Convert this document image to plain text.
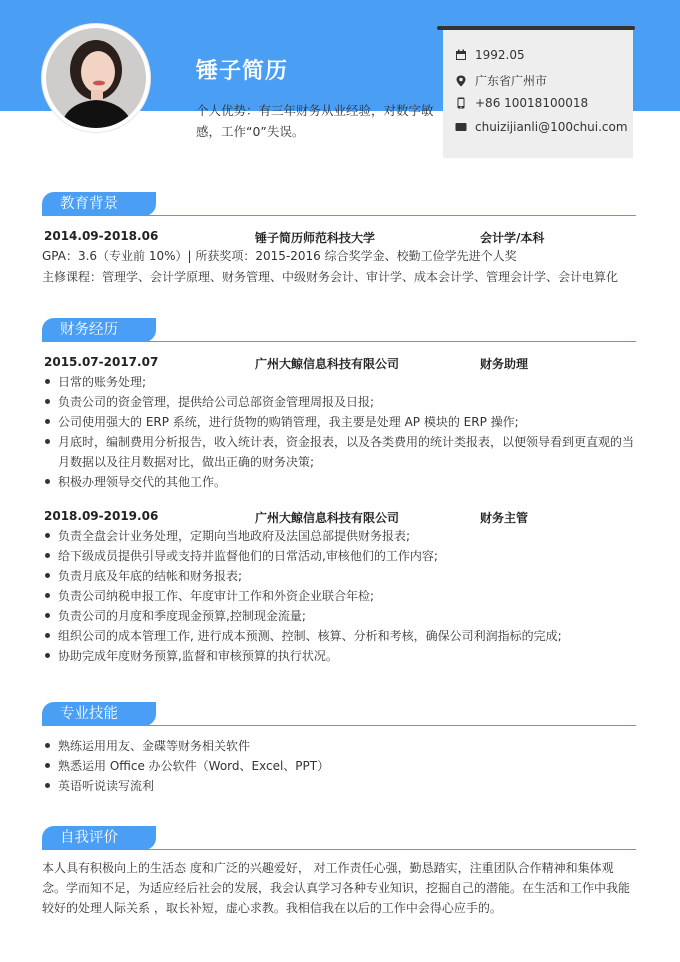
锤子简历
个人优势：有三年财务从业经验，对数字敏感，工作“0”失误。
1992.05
广东省广州市
+86 10018100018
chuizijianli@100chui.com
教育背景
2014.09-2018.06	锤子简历师范科技大学	会计学/本科
GPA：3.6（专业前 10%）| 所获奖项：2015-2016 综合奖学金、校勤工俭学先进个人奖
主修课程：管理学、会计学原理、财务管理、中级财务会计、审计学、成本会计学、管理会计学、会计电算化
财务经历
2015.07-2017.07	广州大鲸信息科技有限公司	财务助理
日常的账务处理;
负责公司的资金管理，提供给公司总部资金管理周报及日报;
公司使用强大的 ERP 系统，进行货物的购销管理，我主要是处理 AP 模块的 ERP 操作;
月底时，编制费用分析报告，收入统计表，资金报表，以及各类费用的统计类报表，以便领导看到更直观的当月数据以及往月数据对比，做出正确的财务决策;
积极办理领导交代的其他工作。
2018.09-2019.06	广州大鲸信息科技有限公司	财务主管
负责全盘会计业务处理，定期向当地政府及法国总部提供财务报表;
给下级成员提供引导或支持并监督他们的日常活动,审核他们的工作内容;
负责月底及年底的结帐和财务报表;
负责公司纳税申报工作、年度审计工作和外资企业联合年检;
负责公司的月度和季度现金预算,控制现金流量;
组织公司的成本管理工作, 进行成本预测、控制、核算、分析和考核，确保公司利润指标的完成;
协助完成年度财务预算,监督和审核预算的执行状况。
专业技能
熟练运用用友、金碟等财务相关软件
熟悉运用 Office 办公软件（Word、Excel、PPT）
英语听说读写流利
自我评价
本人具有积极向上的生活态 度和广泛的兴趣爱好， 对工作责任心强，勤恳踏实，注重团队合作精神和集体观念。学而知不足，为适应经后社会的发展，我会认真学习各种专业知识，挖掘自己的潜能。在生活和工作中我能较好的处理人际关系 ，取长补短，虚心求教。我相信我在以后的工作中会得心应手的。
